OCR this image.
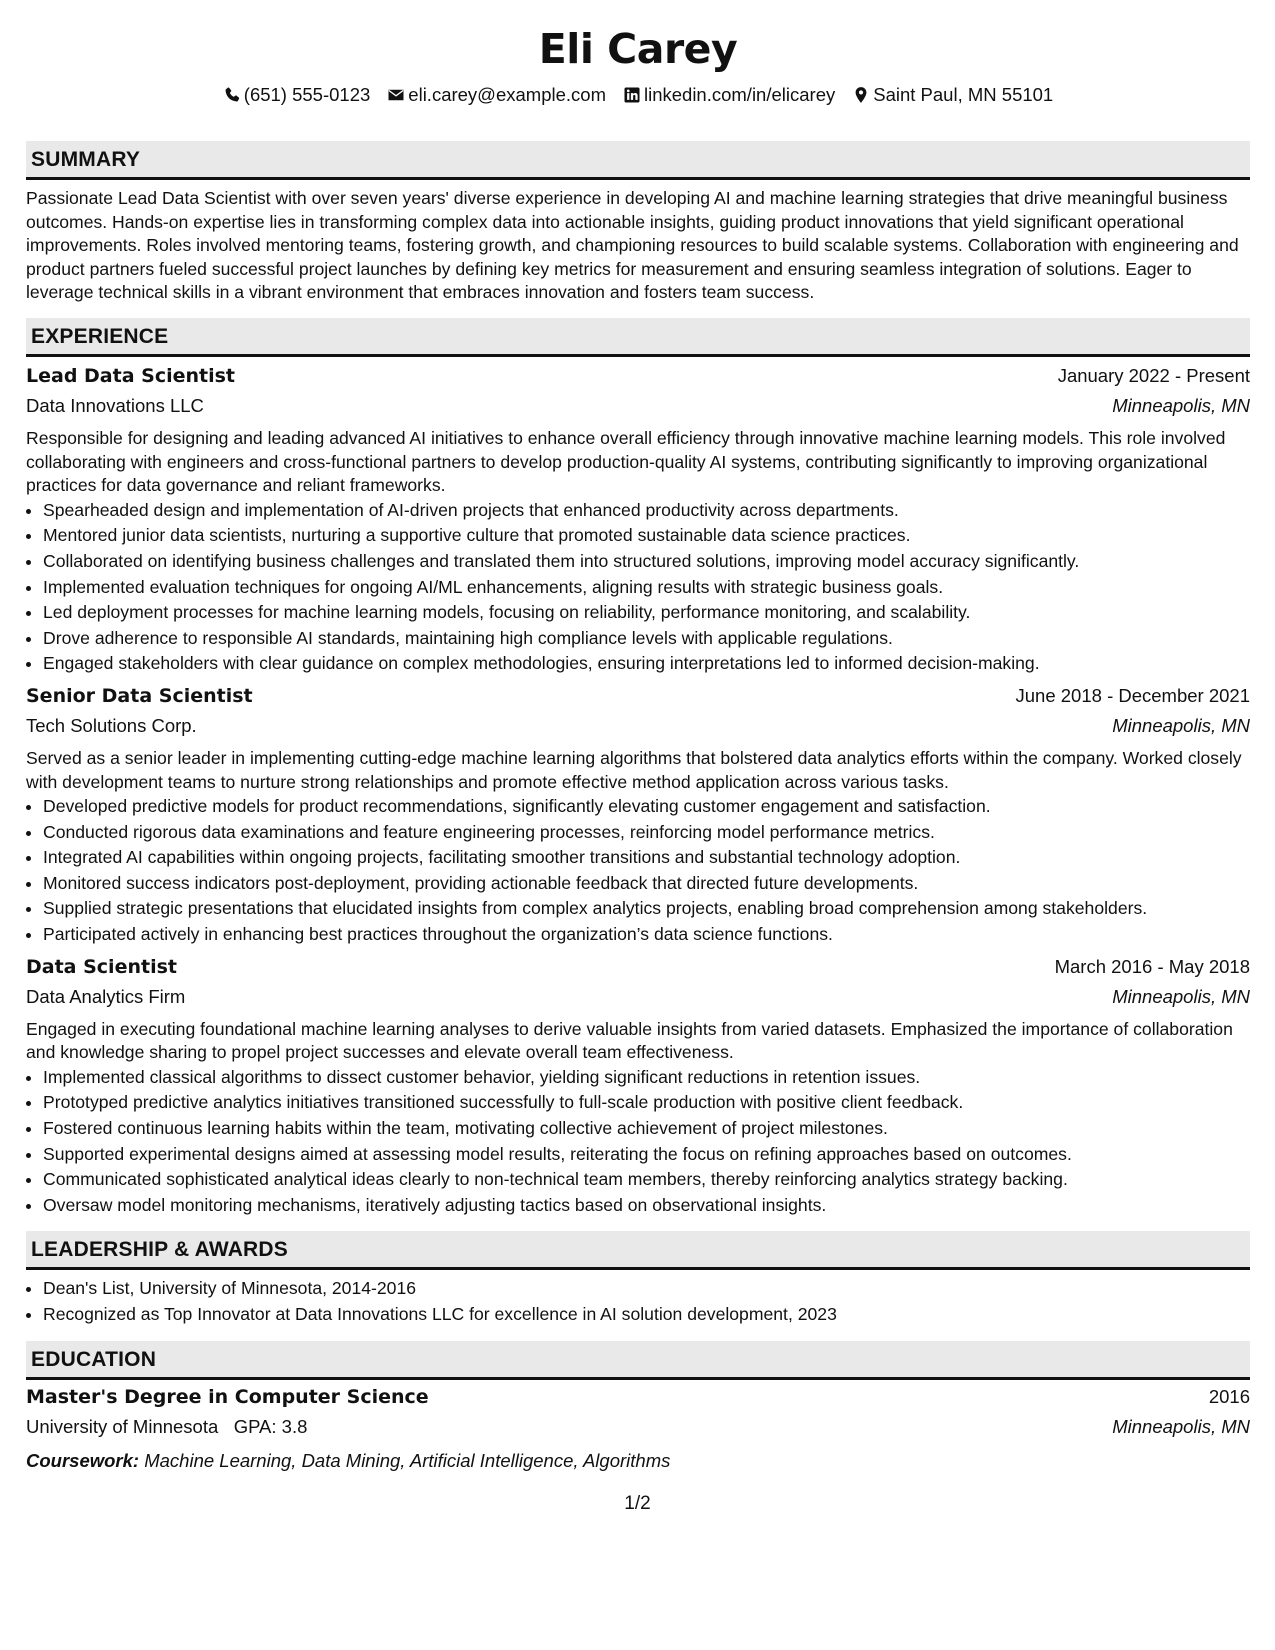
Eli Carey
(651) 555-0123 eli.carey@example.com linkedin.com/in/elicarey Saint Paul, MN 55101
SUMMARY
Passionate Lead Data Scientist with over seven years' diverse experience in developing AI and machine learning strategies that drive meaningful business outcomes. Hands-on expertise lies in transforming complex data into actionable insights, guiding product innovations that yield significant operational improvements. Roles involved mentoring teams, fostering growth, and championing resources to build scalable systems. Collaboration with engineering and product partners fueled successful project launches by defining key metrics for measurement and ensuring seamless integration of solutions. Eager to leverage technical skills in a vibrant environment that embraces innovation and fosters team success.
EXPERIENCE
Lead Data Scientist	January 2022 - Present
Data Innovations LLC	Minneapolis, MN
Responsible for designing and leading advanced AI initiatives to enhance overall efficiency through innovative machine learning models. This role involved collaborating with engineers and cross-functional partners to develop production-quality AI systems, contributing significantly to improving organizational practices for data governance and reliant frameworks.
• Spearheaded design and implementation of AI-driven projects that enhanced productivity across departments.
• Mentored junior data scientists, nurturing a supportive culture that promoted sustainable data science practices.
• Collaborated on identifying business challenges and translated them into structured solutions, improving model accuracy significantly.
• Implemented evaluation techniques for ongoing AI/ML enhancements, aligning results with strategic business goals.
• Led deployment processes for machine learning models, focusing on reliability, performance monitoring, and scalability.
• Drove adherence to responsible AI standards, maintaining high compliance levels with applicable regulations.
• Engaged stakeholders with clear guidance on complex methodologies, ensuring interpretations led to informed decision-making.
Senior Data Scientist	June 2018 - December 2021
Tech Solutions Corp.	Minneapolis, MN
Served as a senior leader in implementing cutting-edge machine learning algorithms that bolstered data analytics efforts within the company. Worked closely with development teams to nurture strong relationships and promote effective method application across various tasks.
• Developed predictive models for product recommendations, significantly elevating customer engagement and satisfaction.
• Conducted rigorous data examinations and feature engineering processes, reinforcing model performance metrics.
• Integrated AI capabilities within ongoing projects, facilitating smoother transitions and substantial technology adoption.
• Monitored success indicators post-deployment, providing actionable feedback that directed future developments.
• Supplied strategic presentations that elucidated insights from complex analytics projects, enabling broad comprehension among stakeholders.
• Participated actively in enhancing best practices throughout the organization’s data science functions.
Data Scientist	March 2016 - May 2018
Data Analytics Firm	Minneapolis, MN
Engaged in executing foundational machine learning analyses to derive valuable insights from varied datasets. Emphasized the importance of collaboration and knowledge sharing to propel project successes and elevate overall team effectiveness.
• Implemented classical algorithms to dissect customer behavior, yielding significant reductions in retention issues.
• Prototyped predictive analytics initiatives transitioned successfully to full-scale production with positive client feedback.
• Fostered continuous learning habits within the team, motivating collective achievement of project milestones.
• Supported experimental designs aimed at assessing model results, reiterating the focus on refining approaches based on outcomes.
• Communicated sophisticated analytical ideas clearly to non-technical team members, thereby reinforcing analytics strategy backing.
• Oversaw model monitoring mechanisms, iteratively adjusting tactics based on observational insights.
LEADERSHIP & AWARDS
• Dean's List, University of Minnesota, 2014-2016
• Recognized as Top Innovator at Data Innovations LLC for excellence in AI solution development, 2023
EDUCATION
Master's Degree in Computer Science	2016
University of Minnesota GPA: 3.8	Minneapolis, MN
Coursework: Machine Learning, Data Mining, Artificial Intelligence, Algorithms
1/2
